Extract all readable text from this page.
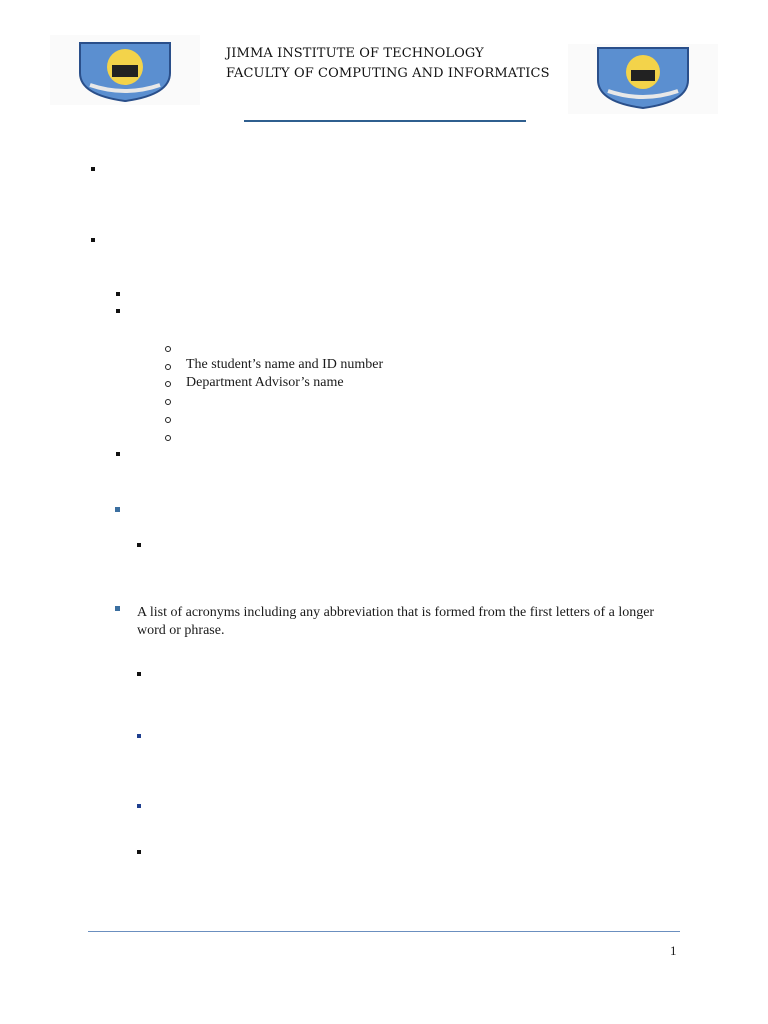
JIMMA INSTITUTE OF TECHNOLOGY
FACULTY OF COMPUTING AND INFORMATICS
The student’s name and ID number
Department Advisor’s name
A list of acronyms including any abbreviation that is formed from the first letters of a longer word or phrase.
1
